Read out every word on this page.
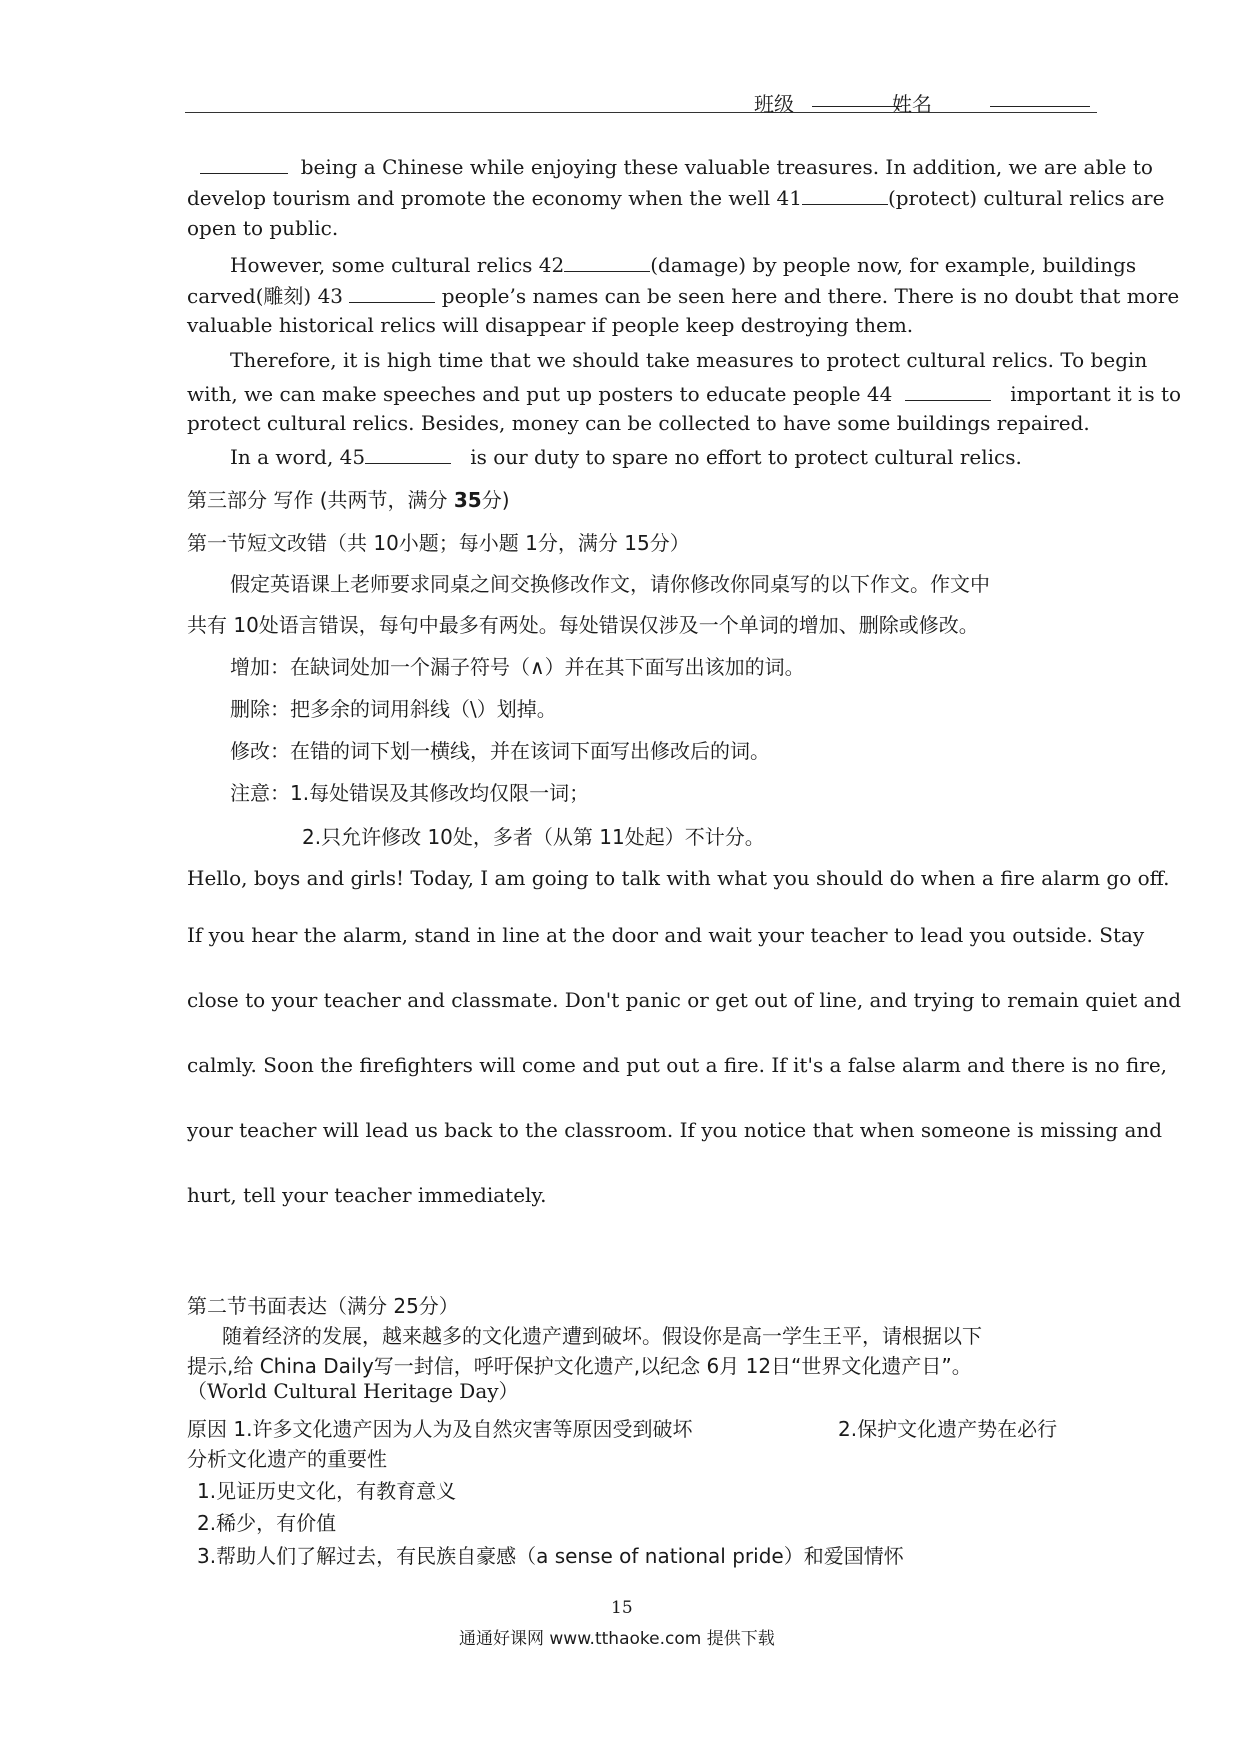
班级	姓名
being a Chinese while enjoying these valuable treasures. In addition, we are able to
develop tourism and promote the economy when the well 41	(protect) cultural relics are
open to public.
However, some cultural relics 42	(damage) by people now, for example, buildings
carved(雕刻) 43	people’s names can be seen here and there. There is no doubt that more
valuable historical relics will disappear if people keep destroying them.
Therefore, it is high time that we should take measures to protect cultural relics. To begin
with, we can make speeches and put up posters to educate people 44	important it is to
protect cultural relics. Besides, money can be collected to have some buildings repaired.
In a word, 45	is our duty to spare no effort to protect cultural relics.
第三部分 写作 (共两节，满分 35分)
第一节短文改错（共 10小题；每小题 1分，满分 15分）
假定英语课上老师要求同桌之间交换修改作文，请你修改你同桌写的以下作文。作文中
共有 10处语言错误，每句中最多有两处。每处错误仅涉及一个单词的增加、删除或修改。
增加：在缺词处加一个漏子符号（∧）并在其下面写出该加的词。
删除：把多余的词用斜线（\）划掉。
修改：在错的词下划一横线，并在该词下面写出修改后的词。
注意：1.每处错误及其修改均仅限一词；
2.只允许修改 10处，多者（从第 11处起）不计分。
Hello, boys and girls! Today, I am going to talk with what you should do when a fire alarm go off.
If you hear the alarm, stand in line at the door and wait your teacher to lead you outside. Stay
close to your teacher and classmate. Don't panic or get out of line, and trying to remain quiet and
calmly. Soon the firefighters will come and put out a fire. If it's a false alarm and there is no fire,
your teacher will lead us back to the classroom. If you notice that when someone is missing and
hurt, tell your teacher immediately.
第二节书面表达（满分 25分）
随着经济的发展，越来越多的文化遗产遭到破坏。假设你是高一学生王平，请根据以下
提示,给 China Daily写一封信，呼吁保护文化遗产,以纪念 6月 12日“世界文化遗产日”。
（World Cultural Heritage Day）
原因 1.许多文化遗产因为人为及自然灾害等原因受到破坏	2.保护文化遗产势在必行
分析文化遗产的重要性
1.见证历史文化，有教育意义
2.稀少，有价值
3.帮助人们了解过去，有民族自豪感（a sense of national pride）和爱国情怀
15
通通好课网 www.tthaoke.com 提供下载
